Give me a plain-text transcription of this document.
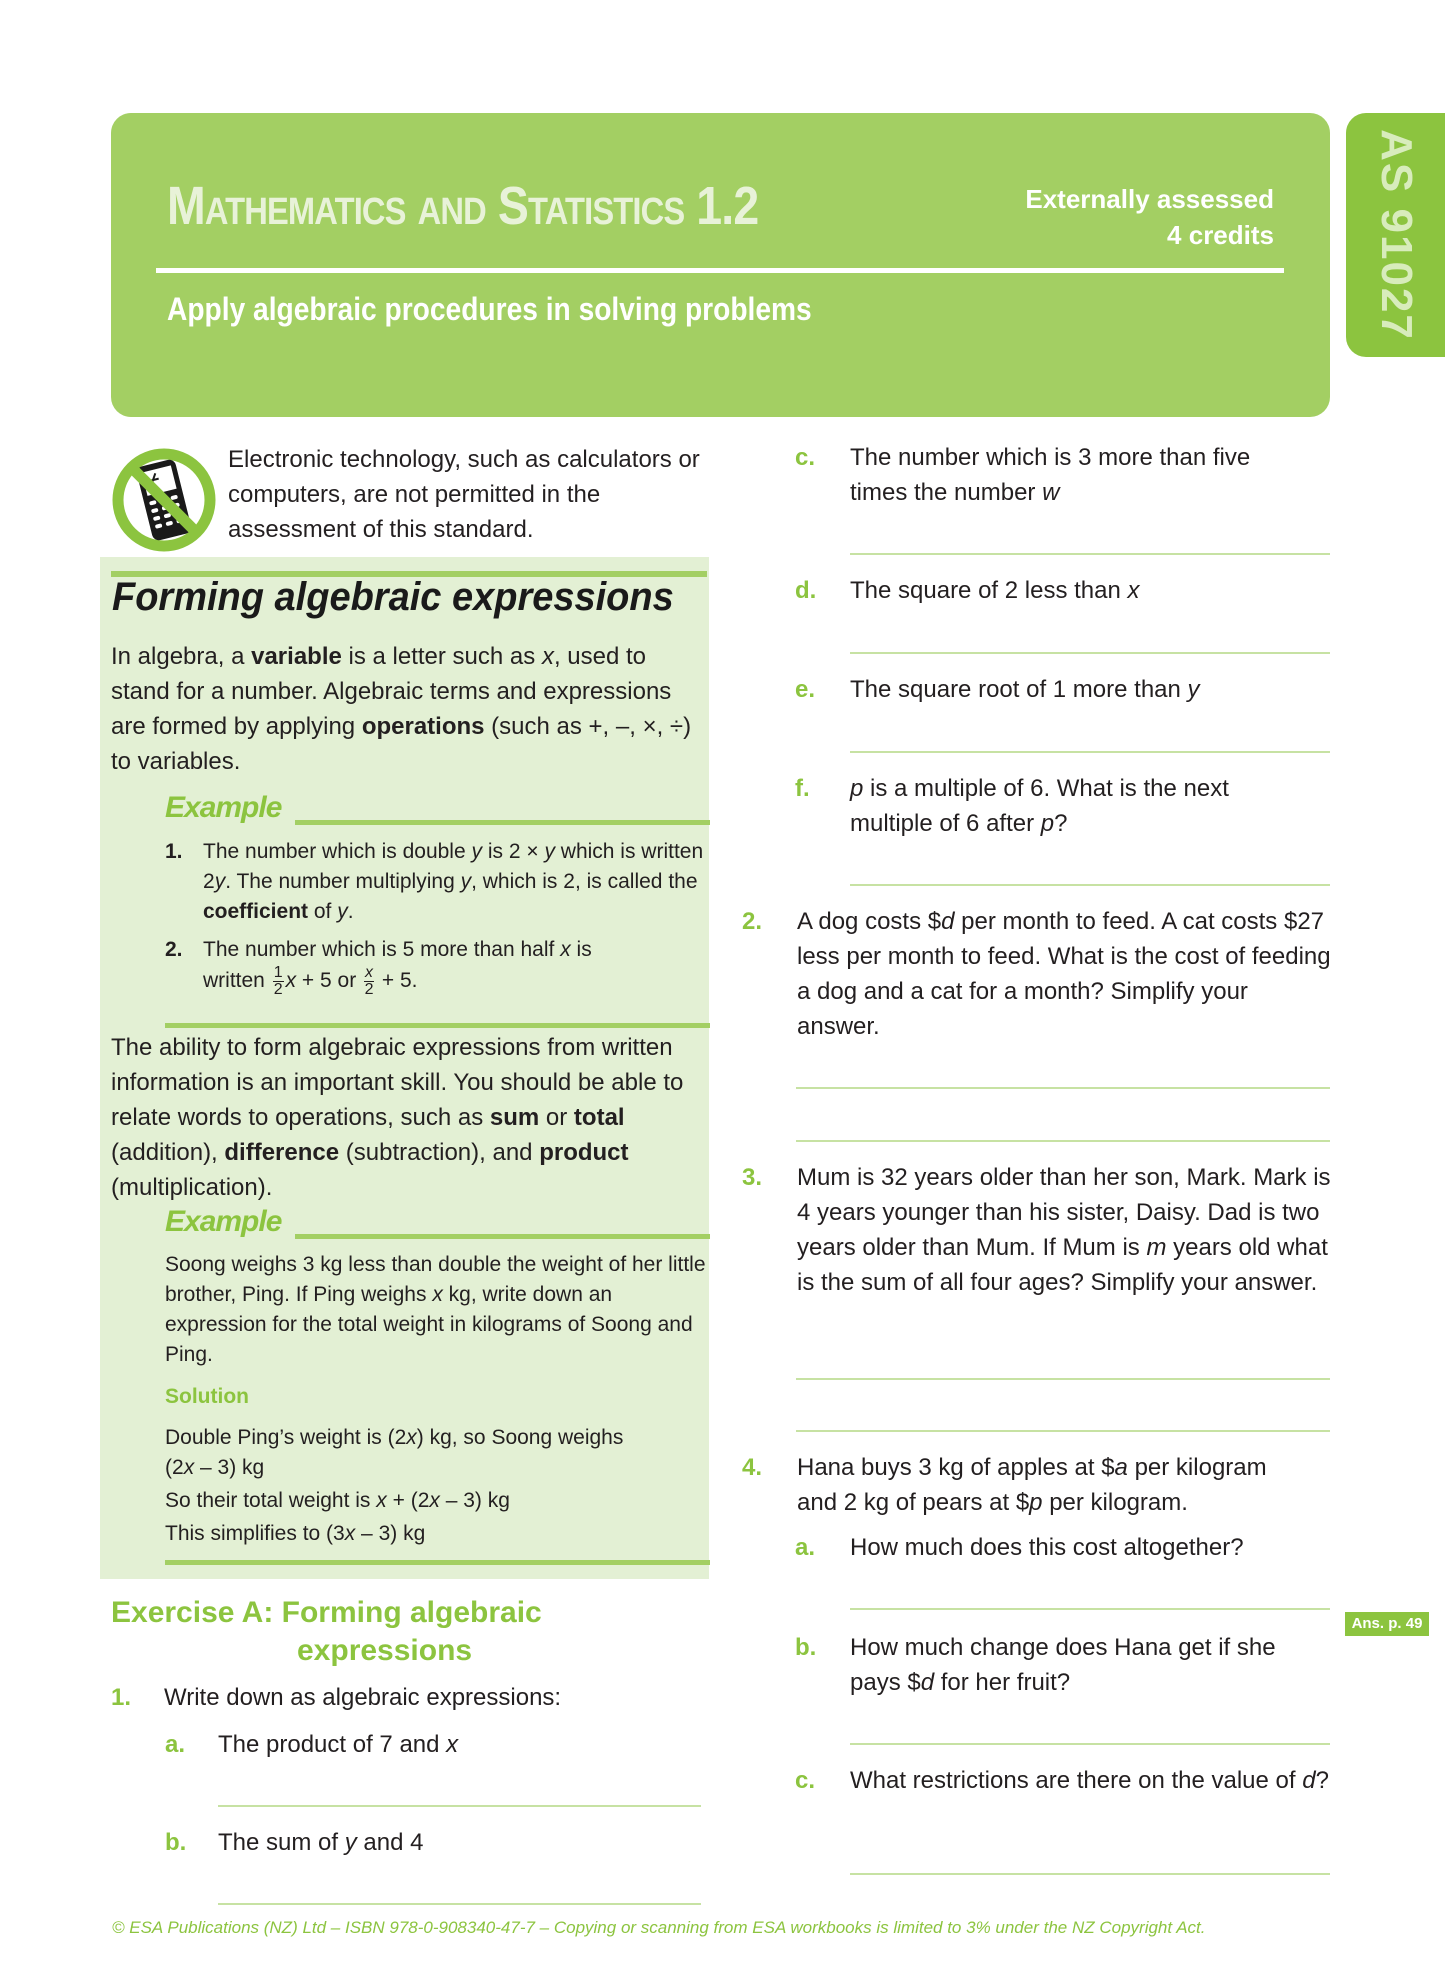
Mathematics and Statistics 1.2	Externally assessed
4 credits
Apply algebraic procedures in solving problems	AS 91027
Electronic technology, such as calculators or computers, are not permitted in the assessment of this standard.
Forming algebraic expressions
In algebra, a variable is a letter such as x, used to stand for a number. Algebraic terms and expressions are formed by applying operations (such as +, –, ×, ÷) to variables.
Example
1. The number which is double y is 2 × y which is written 2y. The number multiplying y, which is 2, is called the coefficient of y.
2. The number which is 5 more than half x is
written $\frac{1}{2}$ x + 5 or $\frac{x}{2} + 5$.
The ability to form algebraic expressions from written information is an important skill. You should be able to relate words to operations, such as sum or total (addition), difference (subtraction), and product (multiplication).
Example
Soong weighs 3 kg less than double the weight of her little brother, Ping. If Ping weighs x kg, write down an expression for the total weight in kilograms of Soong and Ping.
Solution
Double Ping’s weight is (2x) kg, so Soong weighs
(2x – 3) kg
So their total weight is x + (2x – 3) kg
This simplifies to (3x – 3) kg
Exercise A: Forming algebraic
expressions
1. Write down as algebraic expressions:
a. The product of 7 and x
b. The sum of y and 4
c. The number which is 3 more than five times the number w
d. The square of 2 less than x
e. The square root of 1 more than y
f. p is a multiple of 6. What is the next multiple of 6 after p?
2. A dog costs $d per month to feed. A cat costs $27 less per month to feed. What is the cost of feeding a dog and a cat for a month? Simplify your answer.
3. Mum is 32 years older than her son, Mark. Mark is 4 years younger than his sister, Daisy. Dad is two years older than Mum. If Mum is m years old what is the sum of all four ages? Simplify your answer.
4. Hana buys 3 kg of apples at $a per kilogram and 2 kg of pears at $p per kilogram.
a. How much does this cost altogether?
b. How much change does Hana get if she pays $d for her fruit?
c. What restrictions are there on the value of d?
Ans. p. 49
© ESA Publications (NZ) Ltd – ISBN 978-0-908340-47-7 – Copying or scanning from ESA workbooks is limited to 3% under the NZ Copyright Act.
